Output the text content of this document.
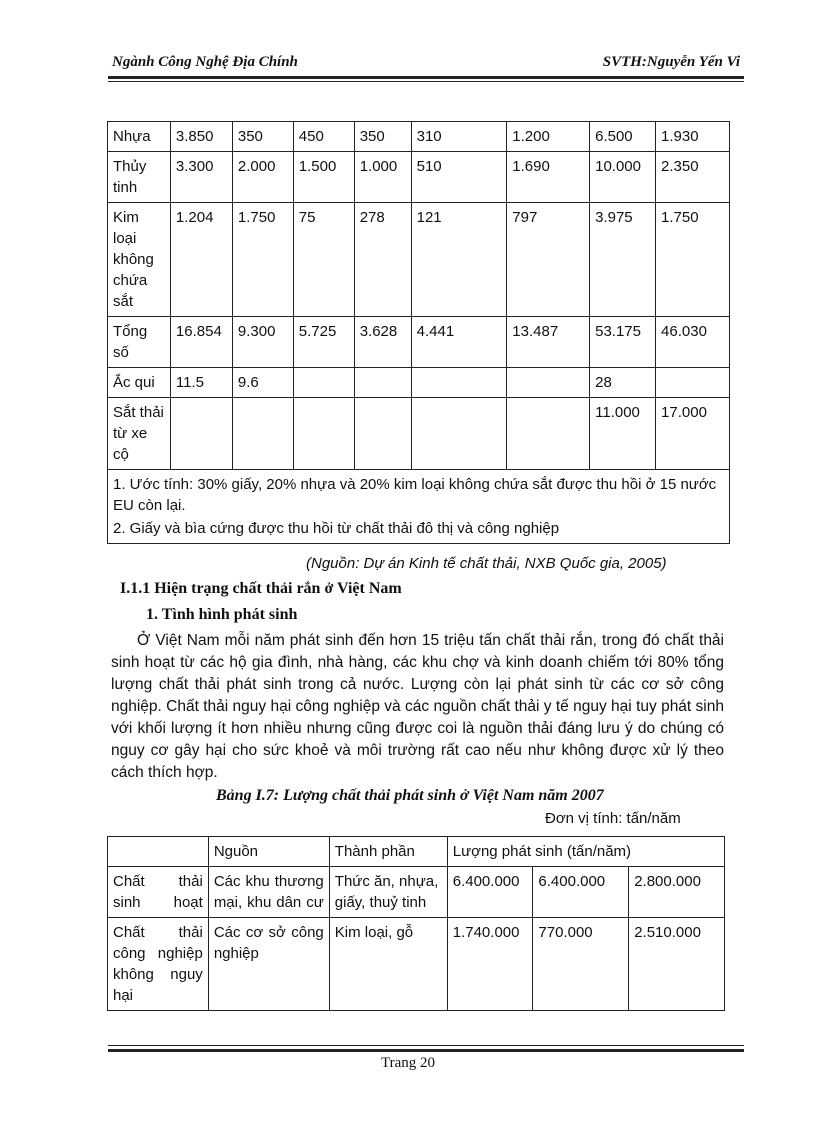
Ngành Công Nghệ Địa Chính	SVTH:Nguyễn Yến Vi
Nhựa	3.850	350	450	350	310	1.200	6.500	1.930
Thủy tinh	3.300	2.000	1.500	1.000	510	1.690	10.000	2.350
Kim loại không chứa sắt	1.204	1.750	75	278	121	797	3.975	1.750
Tổng số	16.854	9.300	5.725	3.628	4.441	13.487	53.175	46.030
Ắc qui	11.5	9.6					28	
Sắt thải từ xe cộ							11.000	17.000

1. Ước tính: 30% giấy, 20% nhựa và 20% kim loại không chứa sắt được thu hồi ở 15 nước EU còn lại.
2. Giấy và bìa cứng được thu hồi từ chất thải đô thị và công nghiệp								
(Nguồn: Dự án Kinh tế chất thải, NXB Quốc gia, 2005)
I.1.1 Hiện trạng chất thải rắn ở Việt Nam
1. Tình hình phát sinh
Ở Việt Nam mỗi năm phát sinh đến hơn 15 triệu tấn chất thải rắn, trong đó chất thải sinh hoạt từ các hộ gia đình, nhà hàng, các khu chợ và kinh doanh chiếm tới 80% tổng lượng chất thải phát sinh trong cả nước. Lượng còn lại phát sinh từ các cơ sở công nghiệp. Chất thải nguy hại công nghiệp và các nguồn chất thải y tế nguy hại tuy phát sinh với khối lượng ít hơn nhiều nhưng cũng được coi là nguồn thải đáng lưu ý do chúng có nguy cơ gây hại cho sức khoẻ và môi trường rất cao nếu như không được xử lý theo cách thích hợp.
Bảng I.7: Lượng chất thải phát sinh ở Việt Nam năm 2007
Đơn vị tính: tấn/năm
	Nguồn	Thành phần	Lượng phát sinh (tấn/năm)		
Chất thải sinh hoạt	Các khu thương mại, khu dân cư	Thức ăn, nhựa, giấy, thuỷ tinh	6.400.000	6.400.000	2.800.000
Chất thải công nghiệp không nguy hại	Các cơ sở công nghiệp	Kim loại, gỗ	1.740.000	770.000	2.510.000
Trang 20
